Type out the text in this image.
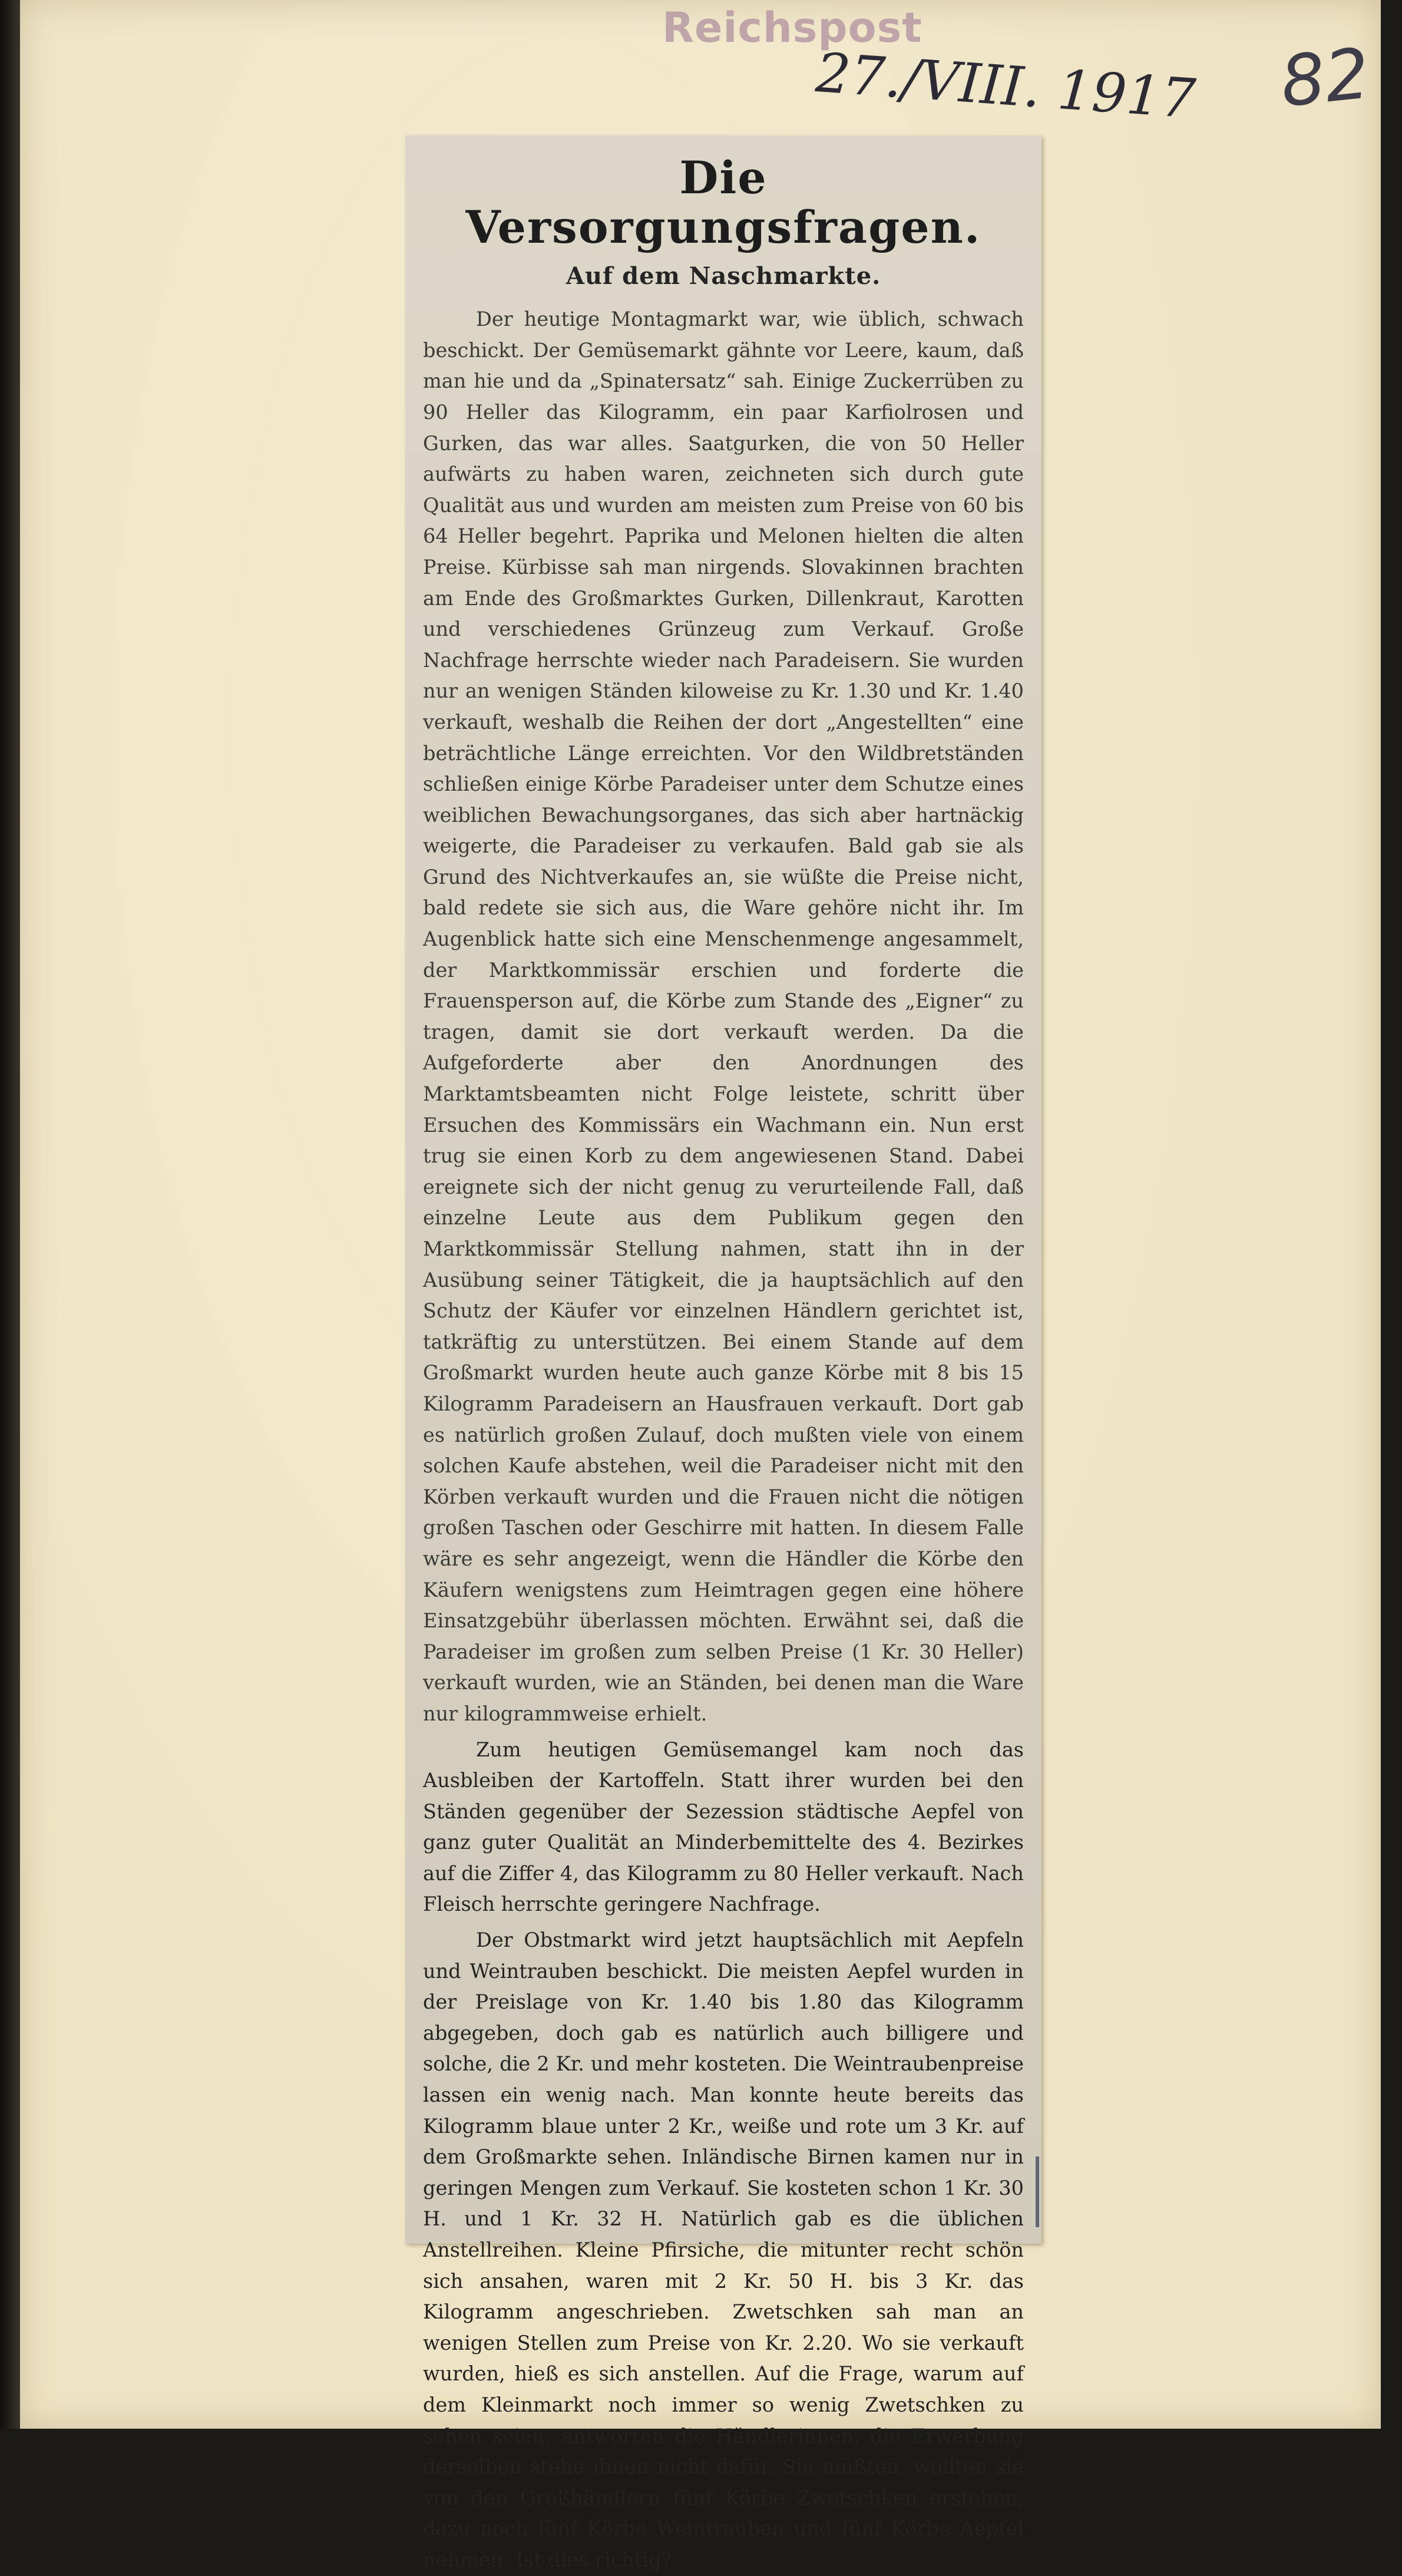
Reichspost
27./VIII. 1917 82
Die Versorgungsfragen.
Auf dem Naschmarkte.

Der heutige Montagmarkt war, wie üblich, schwach beschickt. Der Gemüsemarkt gähnte vor Leere, kaum, daß man hie und da „Spinatersatz“ sah. Einige Zuckerrüben zu 90 Heller das Kilogramm, ein paar Karfiolrosen und Gurken, das war alles. Saatgurken, die von 50 Heller aufwärts zu haben waren, zeichneten sich durch gute Qualität aus und wurden am meisten zum Preise von 60 bis 64 Heller begehrt. Paprika und Melonen hielten die alten Preise. Kürbisse sah man nirgends. Slovakinnen brachten am Ende des Großmarktes Gurken, Dillenkraut, Karotten und verschiedenes Grünzeug zum Verkauf. Große Nachfrage herrschte wieder nach Paradeisern. Sie wurden nur an wenigen Ständen kiloweise zu Kr. 1.30 und Kr. 1.40 verkauft, weshalb die Reihen der dort „Angestellten“ eine beträchtliche Länge erreichten. Vor den Wildbretständen schließen einige Körbe Paradeiser unter dem Schutze eines weiblichen Bewachungsorganes, das sich aber hartnäckig weigerte, die Paradeiser zu verkaufen. Bald gab sie als Grund des Nichtverkaufes an, sie wüßte die Preise nicht, bald redete sie sich aus, die Ware gehöre nicht ihr. Im Augenblick hatte sich eine Menschenmenge angesammelt, der Marktkommissär erschien und forderte die Frauensperson auf, die Körbe zum Stande des „Eigner“ zu tragen, damit sie dort verkauft werden. Da die Aufgeforderte aber den Anordnungen des Marktamtsbeamten nicht Folge leistete, schritt über Ersuchen des Kommissärs ein Wachmann ein. Nun erst trug sie einen Korb zu dem angewiesenen Stand. Dabei ereignete sich der nicht genug zu verurteilende Fall, daß einzelne Leute aus dem Publikum gegen den Marktkommissär Stellung nahmen, statt ihn in der Ausübung seiner Tätigkeit, die ja hauptsächlich auf den Schutz der Käufer vor einzelnen Händlern gerichtet ist, tatkräftig zu unterstützen. Bei einem Stande auf dem Großmarkt wurden heute auch ganze Körbe mit 8 bis 15 Kilogramm Paradeisern an Hausfrauen verkauft. Dort gab es natürlich großen Zulauf, doch mußten viele von einem solchen Kaufe abstehen, weil die Paradeiser nicht mit den Körben verkauft wurden und die Frauen nicht die nötigen großen Taschen oder Geschirre mit hatten. In diesem Falle wäre es sehr angezeigt, wenn die Händler die Körbe den Käufern wenigstens zum Heimtragen gegen eine höhere Einsatzgebühr überlassen möchten. Erwähnt sei, daß die Paradeiser im großen zum selben Preise (1 Kr. 30 Heller) verkauft wurden, wie an Ständen, bei denen man die Ware nur kilogrammweise erhielt.

Zum heutigen Gemüsemangel kam noch das Ausbleiben der Kartoffeln. Statt ihrer wurden bei den Ständen gegenüber der Sezession städtische Aepfel von ganz guter Qualität an Minderbemittelte des 4. Bezirkes auf die Ziffer 4, das Kilogramm zu 80 Heller verkauft. Nach Fleisch herrschte geringere Nachfrage.

Der Obstmarkt wird jetzt hauptsächlich mit Aepfeln und Weintrauben beschickt. Die meisten Aepfel wurden in der Preislage von Kr. 1.40 bis 1.80 das Kilogramm abgegeben, doch gab es natürlich auch billigere und solche, die 2 Kr. und mehr kosteten. Die Weintraubenpreise lassen ein wenig nach. Man konnte heute bereits das Kilogramm blaue unter 2 Kr., weiße und rote um 3 Kr. auf dem Großmarkte sehen. Inländische Birnen kamen nur in geringen Mengen zum Verkauf. Sie kosteten schon 1 Kr. 30 H. und 1 Kr. 32 H. Natürlich gab es die üblichen Anstellreihen. Kleine Pfirsiche, die mitunter recht schön sich ansahen, waren mit 2 Kr. 50 H. bis 3 Kr. das Kilogramm angeschrieben. Zwetschken sah man an wenigen Stellen zum Preise von Kr. 2.20. Wo sie verkauft wurden, hieß es sich anstellen. Auf die Frage, warum auf dem Kleinmarkt noch immer so wenig Zwetschken zu sehen seien, antworten die Händlerinnen, die Erwerbung derselben stehe ihnen nicht dafür. Sie müßten, wollten sie von den Großhändlern fünf Körbe Zwetschken erstehen, dazu noch fünf Körbe Weintrauben und fünf Körbe Aepfel nehmen. Ist dies richtig?
